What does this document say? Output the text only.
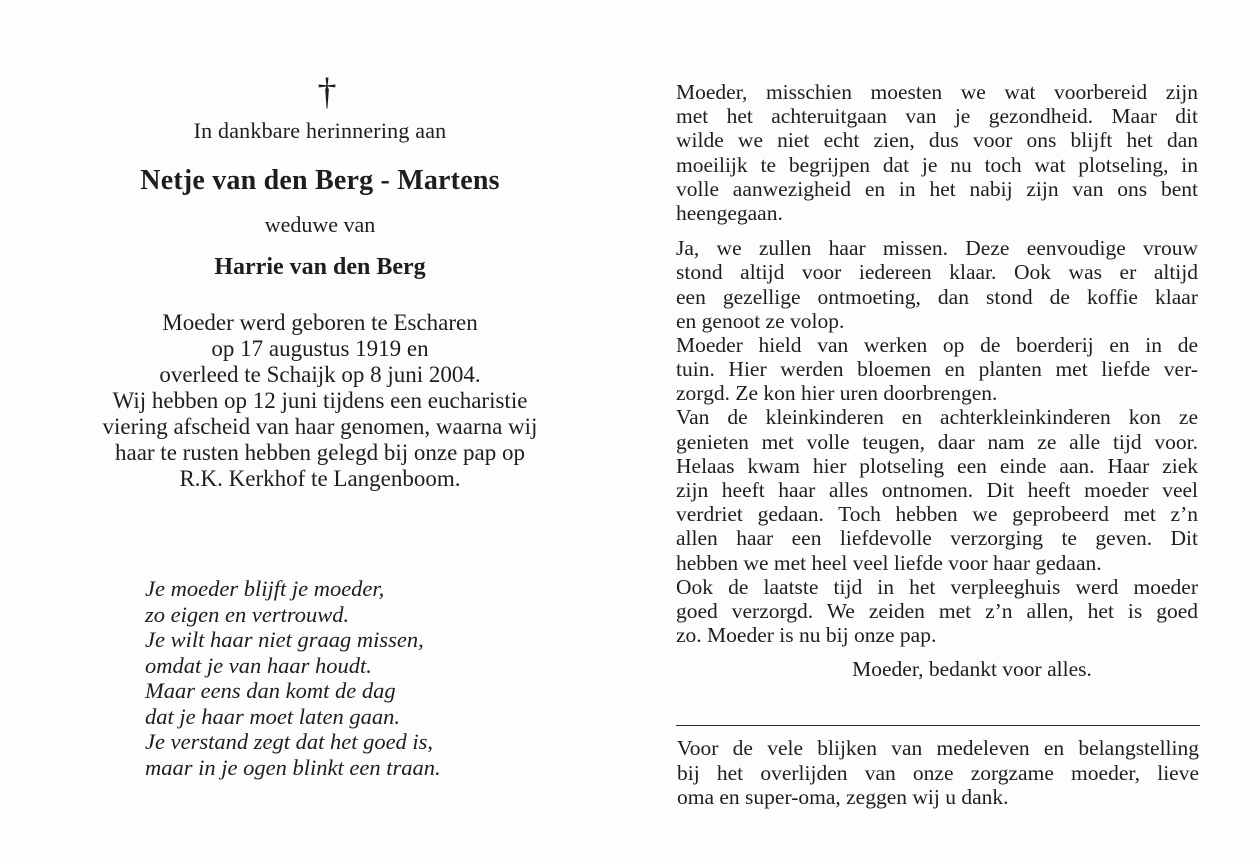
†
In dankbare herinnering aan
Netje van den Berg - Martens
weduwe van
Harrie van den Berg
Moeder werd geboren te Escharen
op 17 augustus 1919 en
overleed te Schaijk op 8 juni 2004.
Wij hebben op 12 juni tijdens een eucharistie
viering afscheid van haar genomen, waarna wij
haar te rusten hebben gelegd bij onze pap op
R.K. Kerkhof te Langenboom.
Je moeder blijft je moeder,
zo eigen en vertrouwd.
Je wilt haar niet graag missen,
omdat je van haar houdt.
Maar eens dan komt de dag
dat je haar moet laten gaan.
Je verstand zegt dat het goed is,
maar in je ogen blinkt een traan.
Moeder, misschien moesten we wat voorbereid zijn
met het achteruitgaan van je gezondheid. Maar dit
wilde we niet echt zien, dus voor ons blijft het dan
moeilijk te begrijpen dat je nu toch wat plotseling, in
volle aanwezigheid en in het nabij zijn van ons bent
heengegaan.
Ja, we zullen haar missen. Deze eenvoudige vrouw
stond altijd voor iedereen klaar. Ook was er altijd
een gezellige ontmoeting, dan stond de koffie klaar
en genoot ze volop.
Moeder hield van werken op de boerderij en in de
tuin. Hier werden bloemen en planten met liefde ver-
zorgd. Ze kon hier uren doorbrengen.
Van de kleinkinderen en achterkleinkinderen kon ze
genieten met volle teugen, daar nam ze alle tijd voor.
Helaas kwam hier plotseling een einde aan. Haar ziek
zijn heeft haar alles ontnomen. Dit heeft moeder veel
verdriet gedaan. Toch hebben we geprobeerd met z’n
allen haar een liefdevolle verzorging te geven. Dit
hebben we met heel veel liefde voor haar gedaan.
Ook de laatste tijd in het verpleeghuis werd moeder
goed verzorgd. We zeiden met z’n allen, het is goed
zo. Moeder is nu bij onze pap.
Moeder, bedankt voor alles.
Voor de vele blijken van medeleven en belangstelling
bij het overlijden van onze zorgzame moeder, lieve
oma en super-oma, zeggen wij u dank.
